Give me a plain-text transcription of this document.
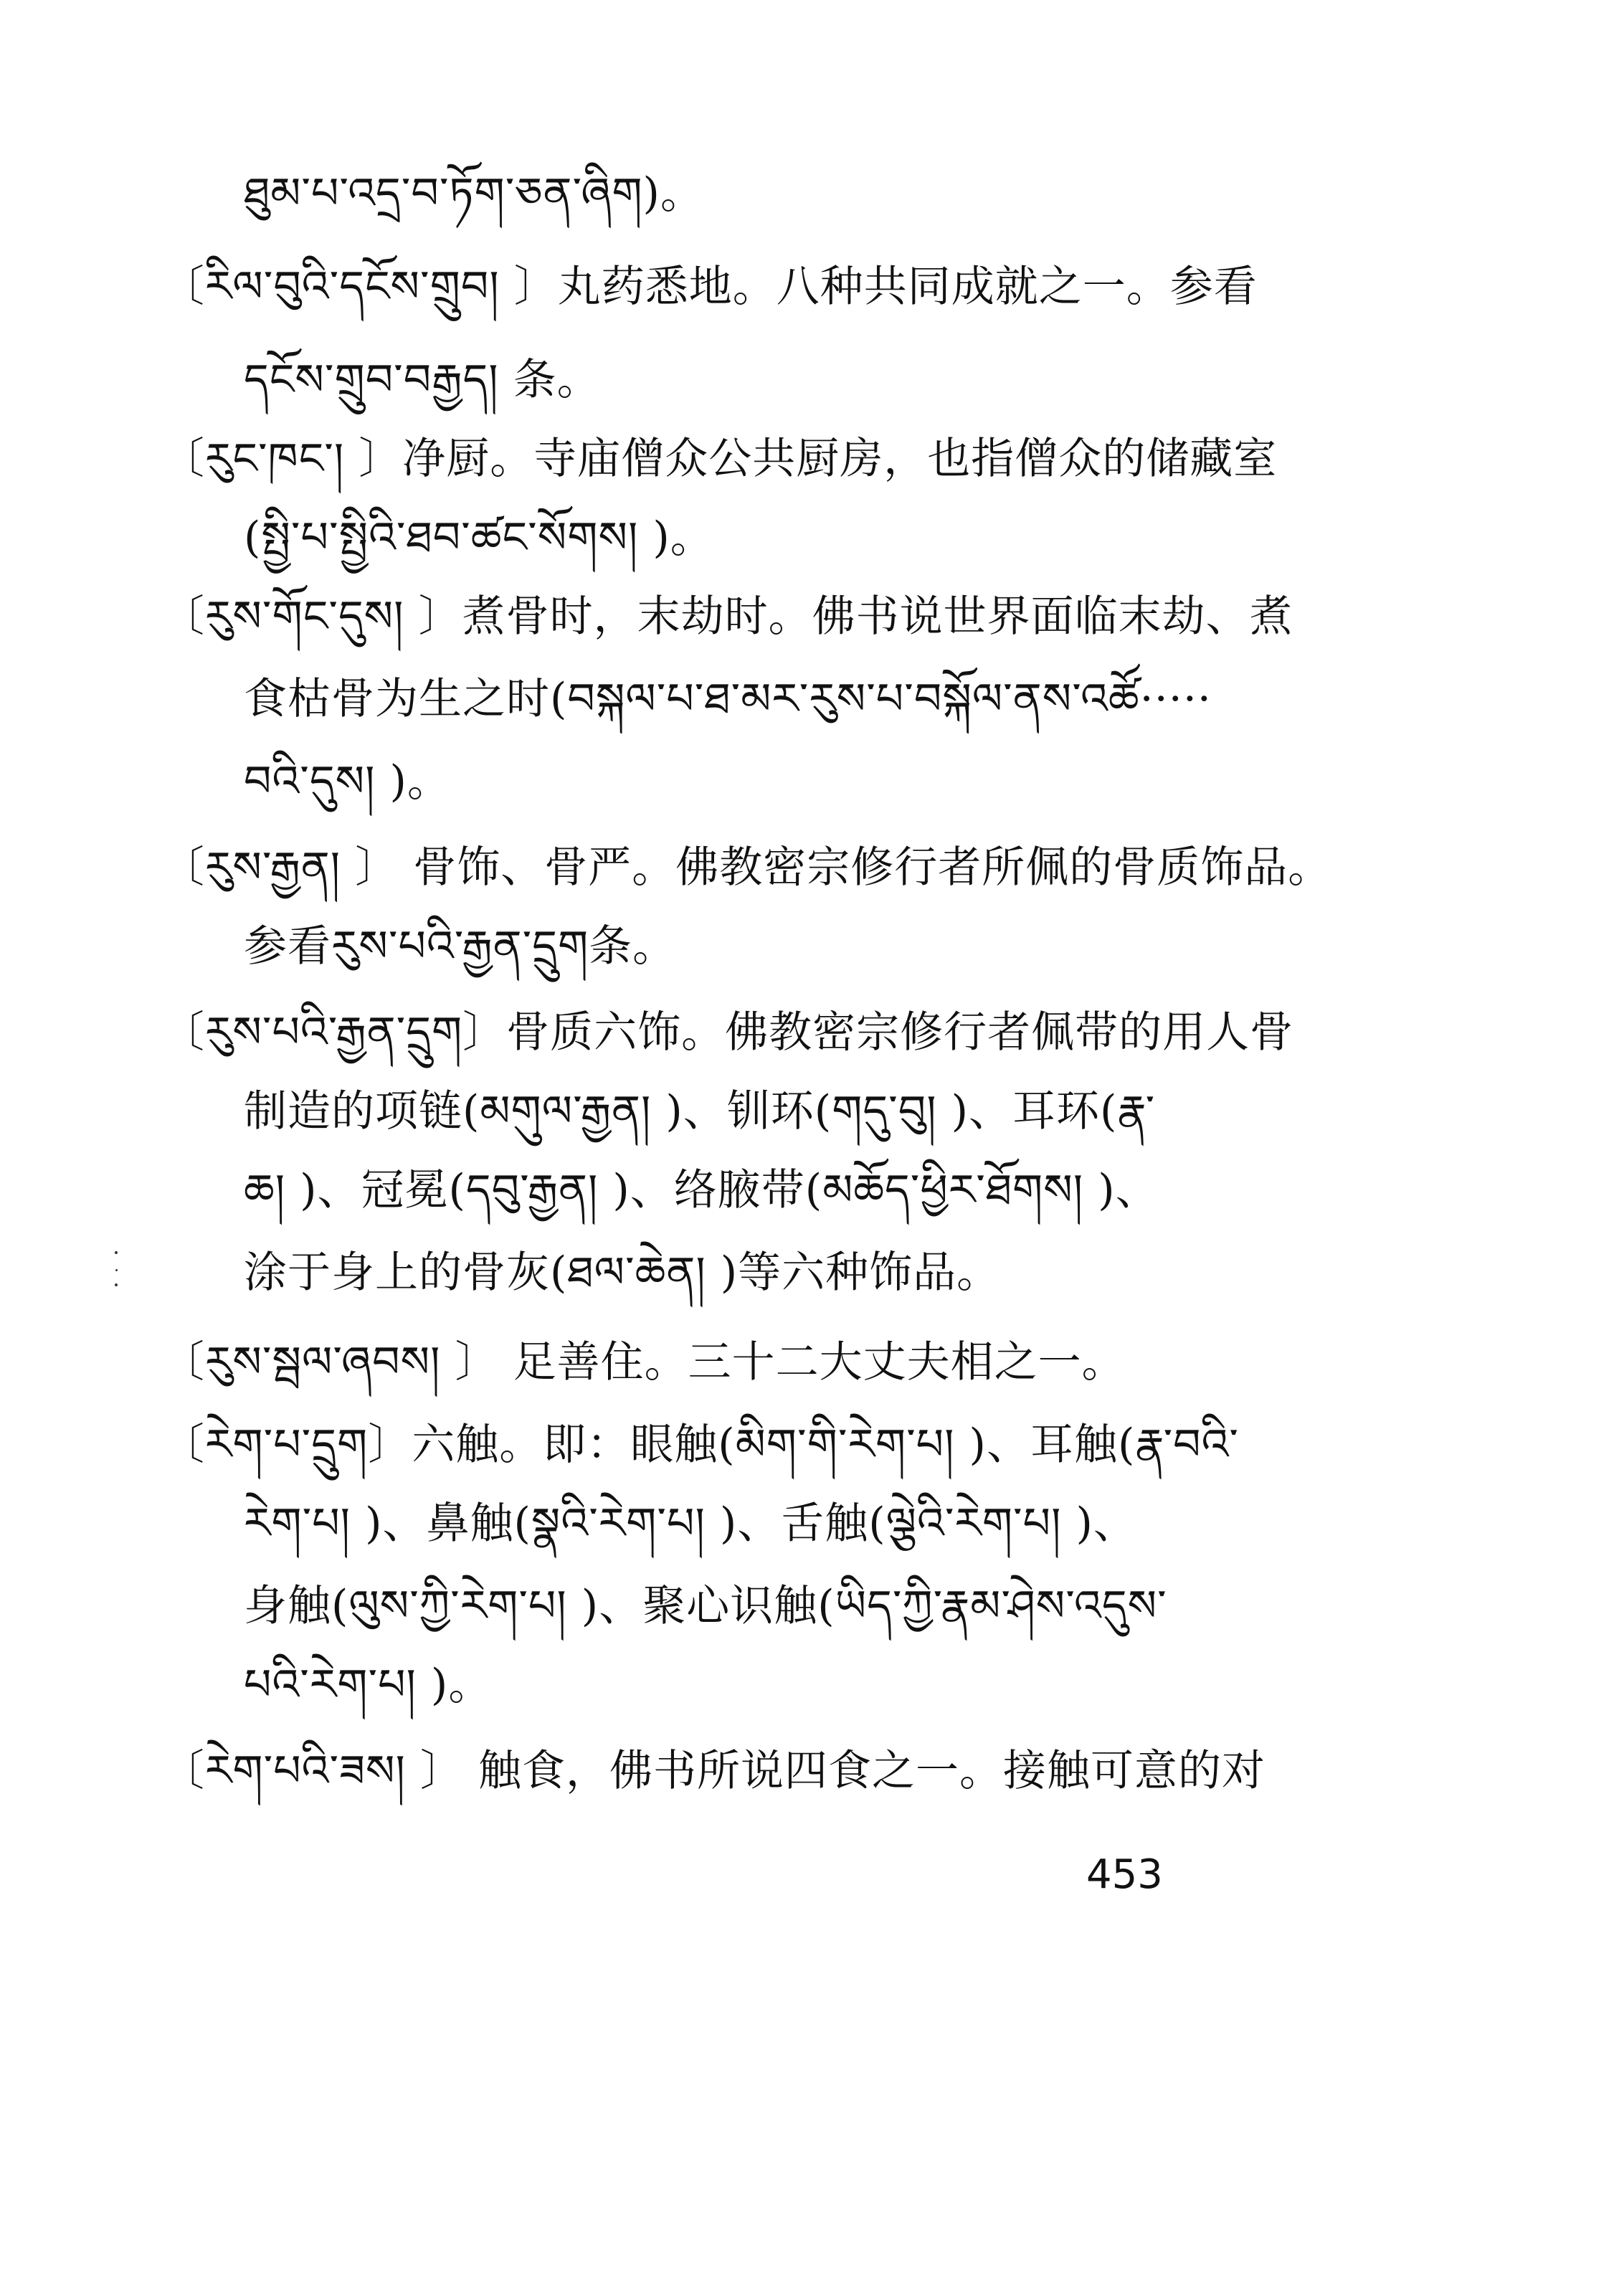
ཐུམ་པ་འདྲ་བ་ཏོག་ཅན་ཞིག)。
〔རིལ་བུའི་དངོས་གྲུབ། 〕丸药悉地。八种共同成就之一。参看
དངོས་གྲུབ་བརྒྱད། 条。
〔རུང་ཁང་། 〕净厨。寺庙僧众公共厨房，也指僧众的储藏室
(སྤྱི་པ་སྤྱིའི་ཐབ་ཚང་སོགས། )。
〔རུས་གོང་དུས། 〕煮骨时，末劫时。佛书说世界面临末劫、煮
食枯骨为生之时(བསྐལ་པ་ཐ་མར་རུས་པ་བསྐོལ་ནས་འཚོ·····
བའི་དུས། )。
〔རུས་རྒྱན། 〕 骨饰、骨严。佛教密宗修行者所佩的骨质饰品。
参看རུས་པའི་རྒྱན་དྲུག条。
〔རུས་པའི་རྒྱན་དྲུག〕骨质六饰。佛教密宗修行者佩带的用人骨
制造的项链(མགུལ་རྒྱན། )、钏环(གདུ་བུ། )、耳环(རྣ་
ཆ། )、冠冕(དབུ་རྒྱན། )、络腋带(མཆོད་ཕྱིར་ཐོགས། )、
涂于身上的骨灰(ཐལ་ཆེན། )等六种饰品。
〔རུས་སྦལ་ཞབས། 〕 足善住。三十二大丈夫相之一。
〔རེག་པ་དྲུག〕六触。即：眼触(མིག་གི་རེག་པ། )、耳触(རྣ་བའི་
རེག་པ། )、鼻触(སྣའི་རེག་པ། )、舌触(ལྕེའི་རེག་པ། )、
身触(ལུས་ཀྱི་རེག་པ། )、聚心识触(ཡིད་ཀྱི་རྣམ་ཤེས་འདུས་
པའི་རེག་པ། )。
〔རེག་པའི་ཟས། 〕 触食，佛书所说四食之一。接触可意的对
453
